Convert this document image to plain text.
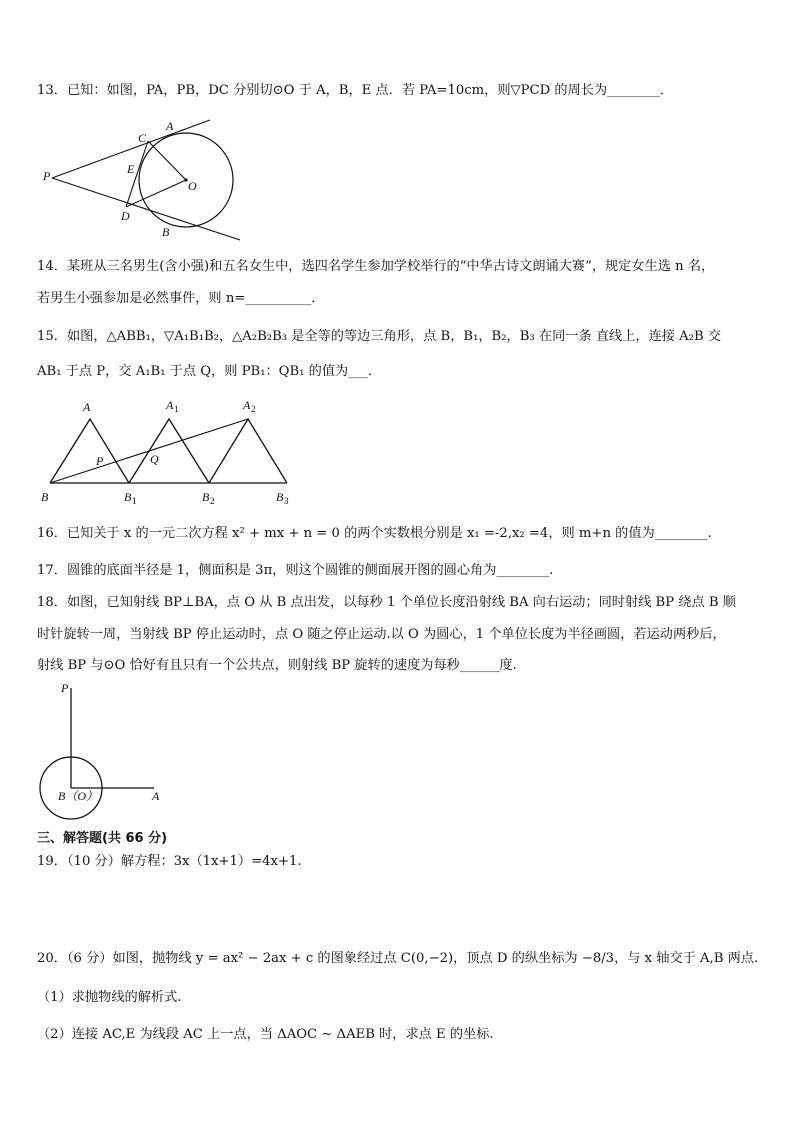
13．已知：如图，PA，PB，DC 分别切⊙O 于 A，B，E 点．若 PA=10cm，则▽PCD 的周长为________．
P
C
A
E
O
D
B
14．某班从三名男生(含小强)和五名女生中，选四名学生参加学校举行的“中华古诗文朗诵大赛”，规定女生选 n 名，
若男生小强参加是必然事件，则 n=__________．
15．如图，△ABB₁，▽A₁B₁B₂，△A₂B₂B₃ 是全等的等边三角形，点 B，B₁，B₂，B₃ 在同一条 直线上，连接 A₂B 交
AB₁ 于点 P，交 A₁B₁ 于点 Q，则 PB₁：QB₁ 的值为___．
A	A 1	A 2
P	Q
B	B 1	B 2	B 3
16．已知关于 x 的一元二次方程 x² + mx + n = 0 的两个实数根分别是 x₁ =-2,x₂ =4，则 m+n 的值为________.
17．圆锥的底面半径是 1，侧面积是 3π，则这个圆锥的侧面展开图的圆心角为________.
18．如图，已知射线 BP⊥BA，点 O 从 B 点出发，以每秒 1 个单位长度沿射线 BA 向右运动；同时射线 BP 绕点 B 顺
时针旋转一周，当射线 BP 停止运动时，点 O 随之停止运动.以 O 为圆心，1 个单位长度为半径画圆，若运动两秒后，
射线 BP 与⊙O 恰好有且只有一个公共点，则射线 BP 旋转的速度为每秒______度.
P
B（O）	A
三、解答题(共 66 分)
19．（10 分）解方程：3x（1x+1）=4x+1.
20．（6 分）如图，抛物线 y = ax² − 2ax + c 的图象经过点 C(0,−2)，顶点 D 的纵坐标为 −8/3，与 x 轴交于 A,B 两点.
（1）求抛物线的解析式.
（2）连接 AC,E 为线段 AC 上一点，当 ΔAOC ∼ ΔAEB 时，求点 E 的坐标.
